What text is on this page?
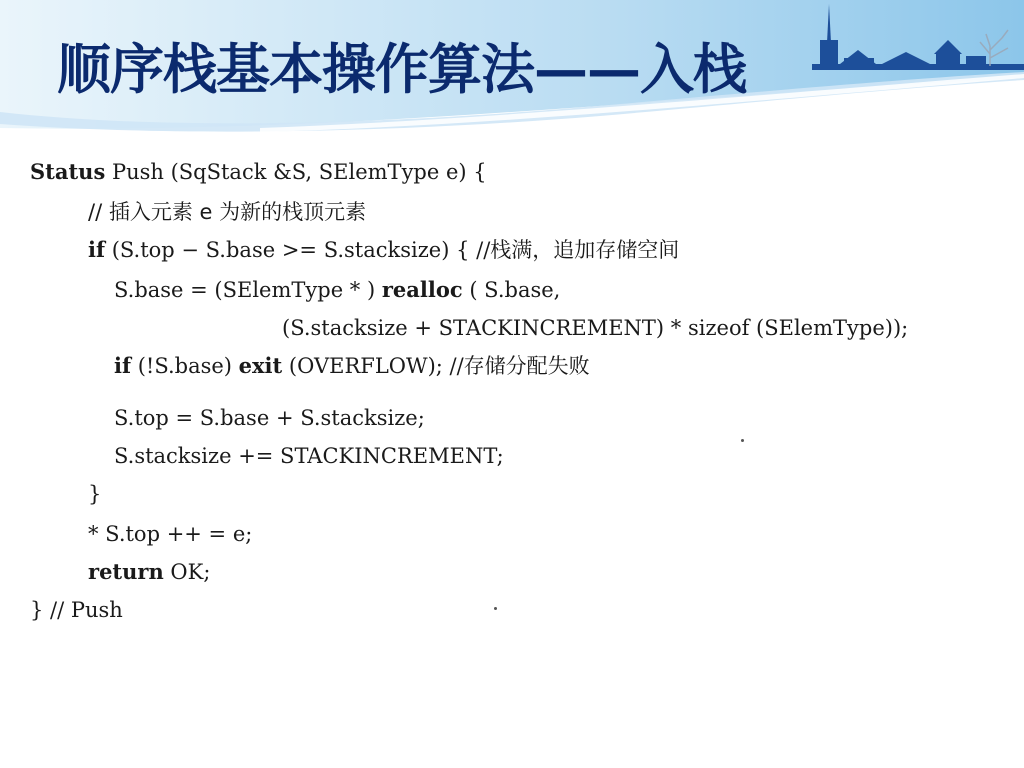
顺序栈基本操作算法——入栈
Status Push (SqStack &S, SElemType e) {
// 插入元素 e 为新的栈顶元素
if (S.top − S.base >= S.stacksize) { //栈满，追加存储空间
S.base = (SElemType * ) realloc ( S.base,
(S.stacksize + STACKINCREMENT) * sizeof (SElemType));
if (!S.base) exit (OVERFLOW); //存储分配失败
S.top = S.base + S.stacksize;
S.stacksize += STACKINCREMENT;
}
* S.top ++ = e;
return OK;
} // Push
